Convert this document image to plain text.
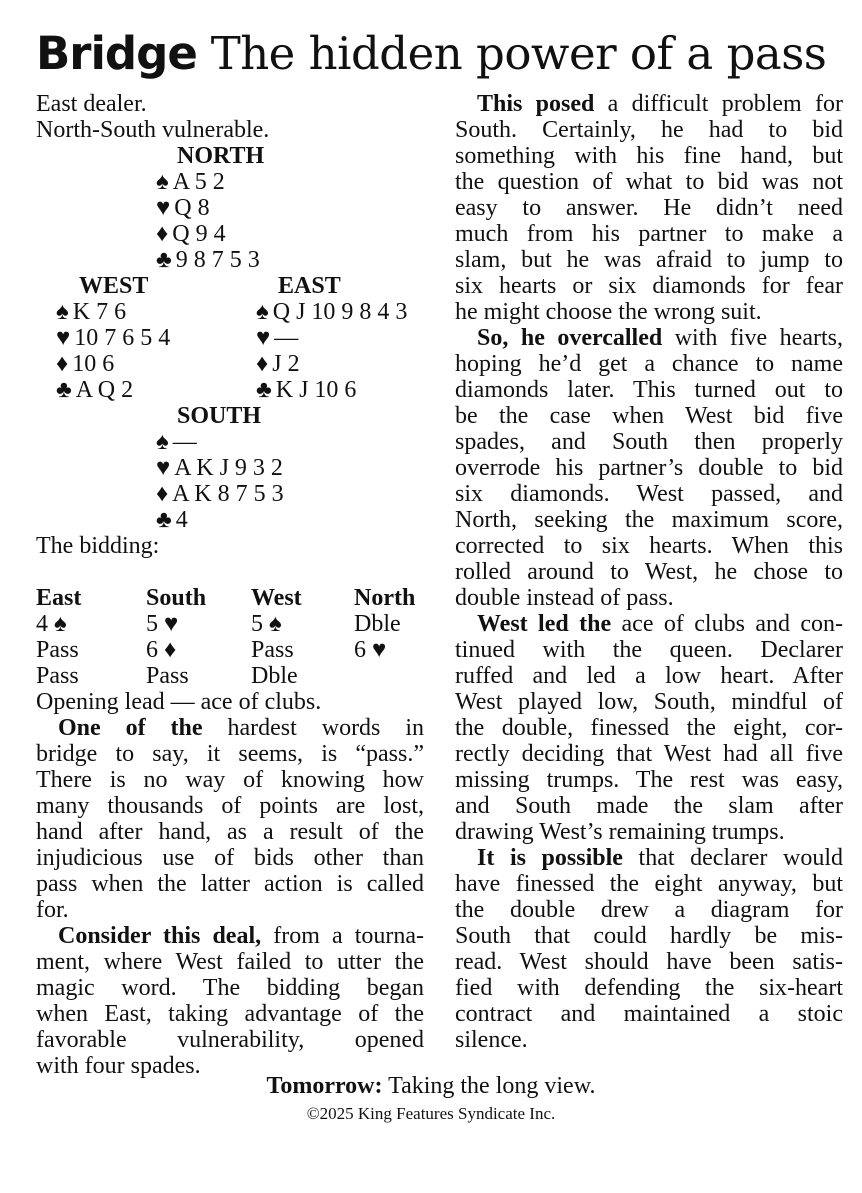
Bridge The hidden power of a pass
East dealer.
North-South vulnerable.
NORTH
♠ A 5 2
♥ Q 8
♦ Q 9 4
♣ 9 8 7 5 3
WEST	EAST
♠ K 7 6	♠ Q J 10 9 8 4 3
♥ 10 7 6 5 4	♥ —
♦ 10 6	♦ J 2
♣ A Q 2	♣ K J 10 6
SOUTH
♠ —
♥ A K J 9 3 2
♦ A K 8 7 5 3
♣ 4
The bidding:
East	South West North
4 ♠	5 ♥	5 ♠	Dble
Pass	6 ♦	Pass	6 ♥
Pass	Pass	Dble
Opening lead — ace of clubs.
One of the hardest words in
bridge to say, it seems, is “pass.”
There is no way of knowing how
many thousands of points are lost,
hand after hand, as a result of the
injudicious use of bids other than
pass when the latter action is called
for.
Consider this deal, from a tourna-
ment, where West failed to utter the
magic word. The bidding began
when East, taking advantage of the
favorable vulnerability, opened
with four spades.
This posed a difficult problem for
South. Certainly, he had to bid
something with his fine hand, but
the question of what to bid was not
easy to answer. He didn’t need
much from his partner to make a
slam, but he was afraid to jump to
six hearts or six diamonds for fear
he might choose the wrong suit.
So, he overcalled with five hearts,
hoping he’d get a chance to name
diamonds later. This turned out to
be the case when West bid five
spades, and South then properly
overrode his partner’s double to bid
six diamonds. West passed, and
North, seeking the maximum score,
corrected to six hearts. When this
rolled around to West, he chose to
double instead of pass.
West led the ace of clubs and con-
tinued with the queen. Declarer
ruffed and led a low heart. After
West played low, South, mindful of
the double, finessed the eight, cor-
rectly deciding that West had all five
missing trumps. The rest was easy,
and South made the slam after
drawing West’s remaining trumps.
It is possible that declarer would
have finessed the eight anyway, but
the double drew a diagram for
South that could hardly be mis-
read. West should have been satis-
fied with defending the six-heart
contract and maintained a stoic
silence.
Tomorrow: Taking the long view.
©2025 King Features Syndicate Inc.
